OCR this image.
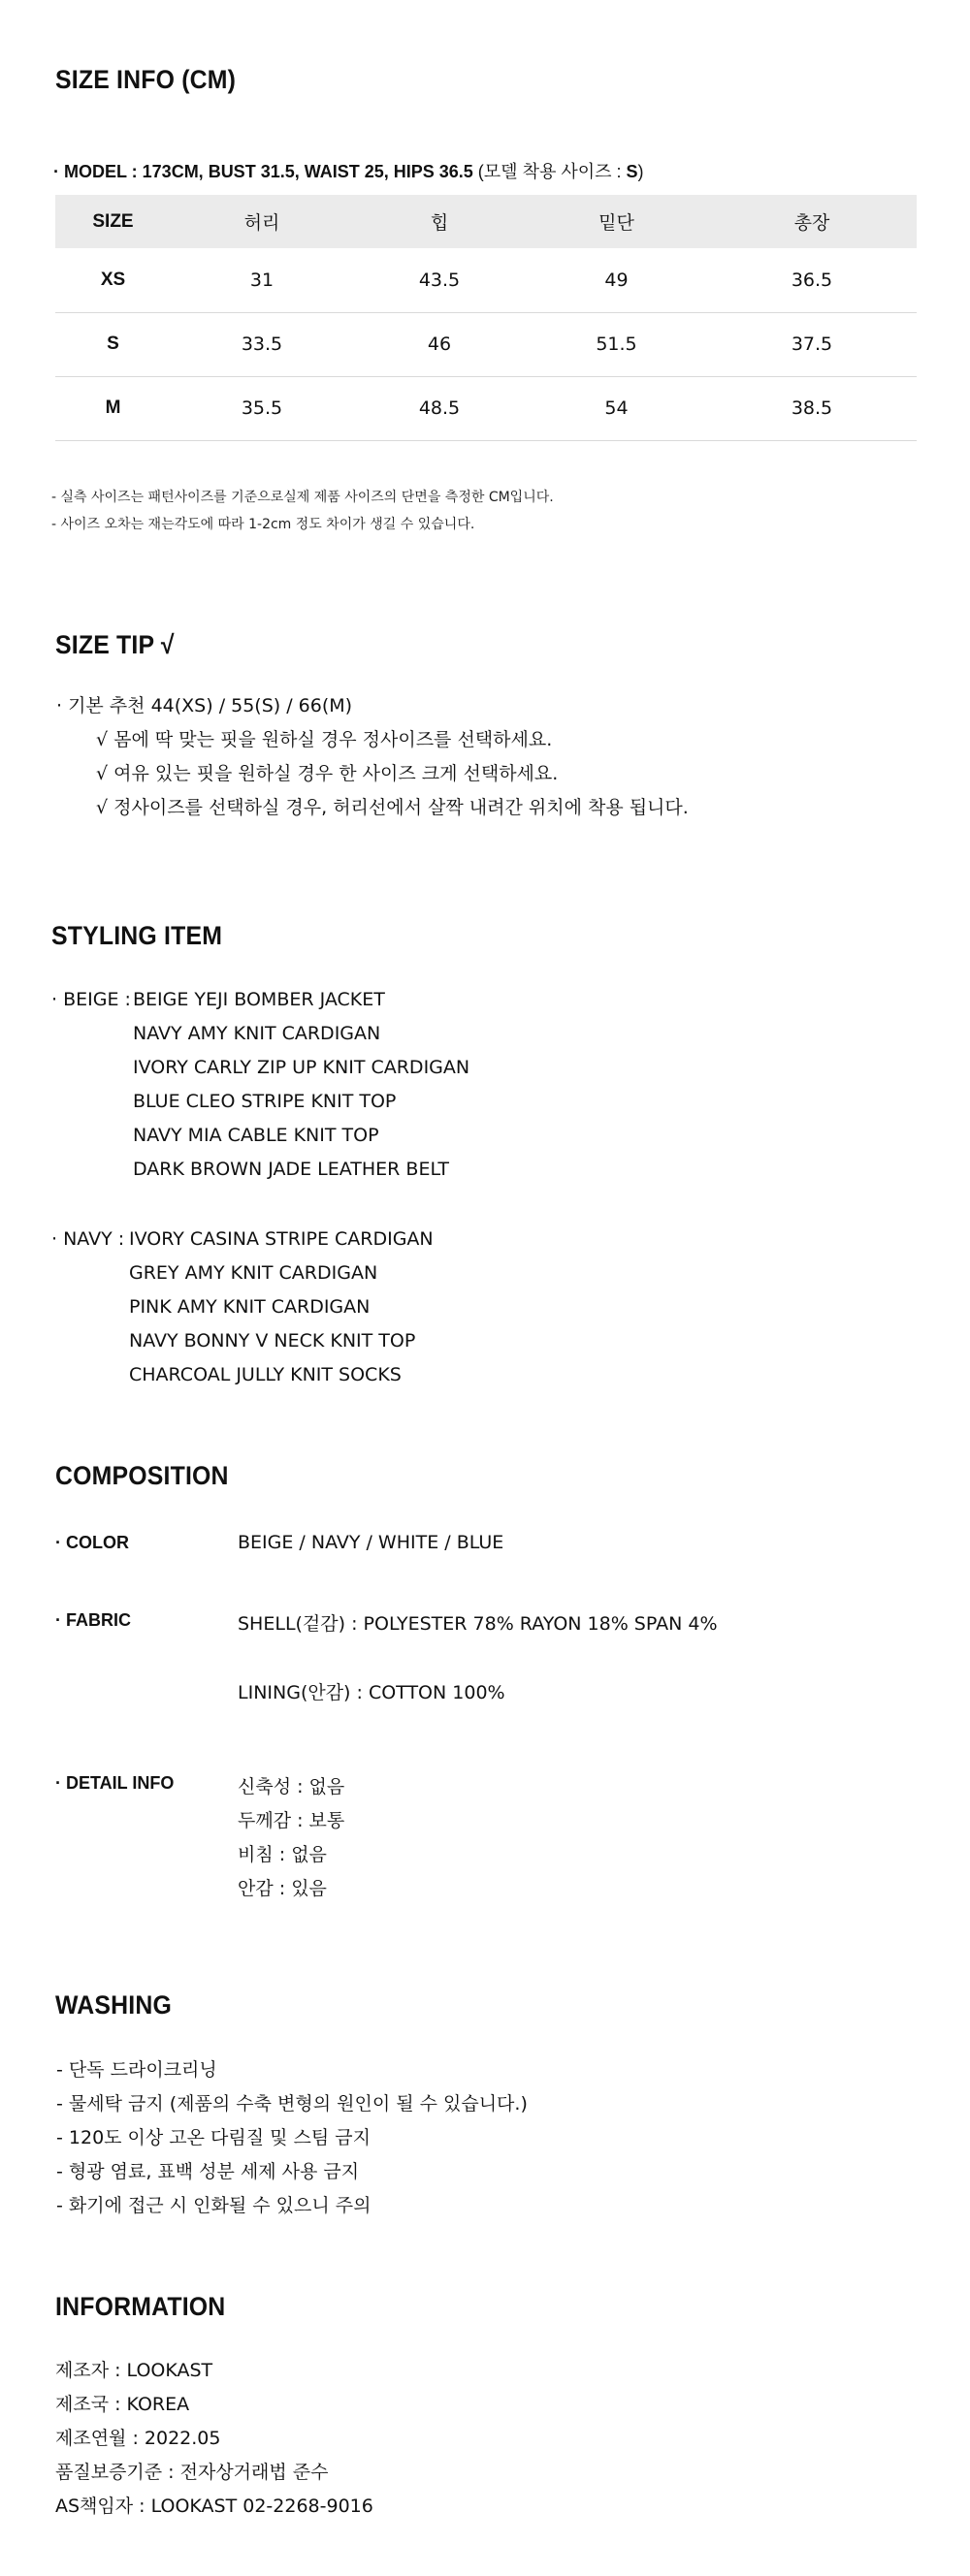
SIZE INFO (CM)
· MODEL : 173CM, BUST 31.5, WAIST 25, HIPS 36.5 (모델 착용 사이즈 : S)
SIZE	허리	힙	밑단	총장
XS	31	43.5	49	36.5
S	33.5	46	51.5	37.5
M	35.5	48.5	54	38.5
- 실측 사이즈는 패턴사이즈를 기준으로실제 제품 사이즈의 단면을 측정한 CM입니다.
- 사이즈 오차는 재는각도에 따라 1-2cm 정도 차이가 생길 수 있습니다.
SIZE TIP √
· 기본 추천 44(XS) / 55(S) / 66(M)
√ 몸에 딱 맞는 핏을 원하실 경우 정사이즈를 선택하세요.
√ 여유 있는 핏을 원하실 경우 한 사이즈 크게 선택하세요.
√ 정사이즈를 선택하실 경우, 허리선에서 살짝 내려간 위치에 착용 됩니다.
STYLING ITEM
· BEIGE : BEIGE YEJI BOMBER JACKET
NAVY AMY KNIT CARDIGAN
IVORY CARLY ZIP UP KNIT CARDIGAN
BLUE CLEO STRIPE KNIT TOP
NAVY MIA CABLE KNIT TOP
DARK BROWN JADE LEATHER BELT
· NAVY : IVORY CASINA STRIPE CARDIGAN
GREY AMY KNIT CARDIGAN
PINK AMY KNIT CARDIGAN
NAVY BONNY V NECK KNIT TOP
CHARCOAL JULLY KNIT SOCKS
COMPOSITION
· COLOR	BEIGE / NAVY / WHITE / BLUE
· FABRIC	SHELL(겉감) : POLYESTER 78% RAYON 18% SPAN 4%
LINING(안감) : COTTON 100%
· DETAIL INFO	신축성 : 없음
두께감 : 보통
비침 : 없음
안감 : 있음
WASHING
- 단독 드라이크리닝
- 물세탁 금지 (제품의 수축 변형의 원인이 될 수 있습니다.)
- 120도 이상 고온 다림질 및 스팀 금지
- 형광 염료, 표백 성분 세제 사용 금지
- 화기에 접근 시 인화될 수 있으니 주의
INFORMATION
제조자 : LOOKAST
제조국 : KOREA
제조연월 : 2022.05
품질보증기준 : 전자상거래법 준수
AS책임자 : LOOKAST 02-2268-9016
